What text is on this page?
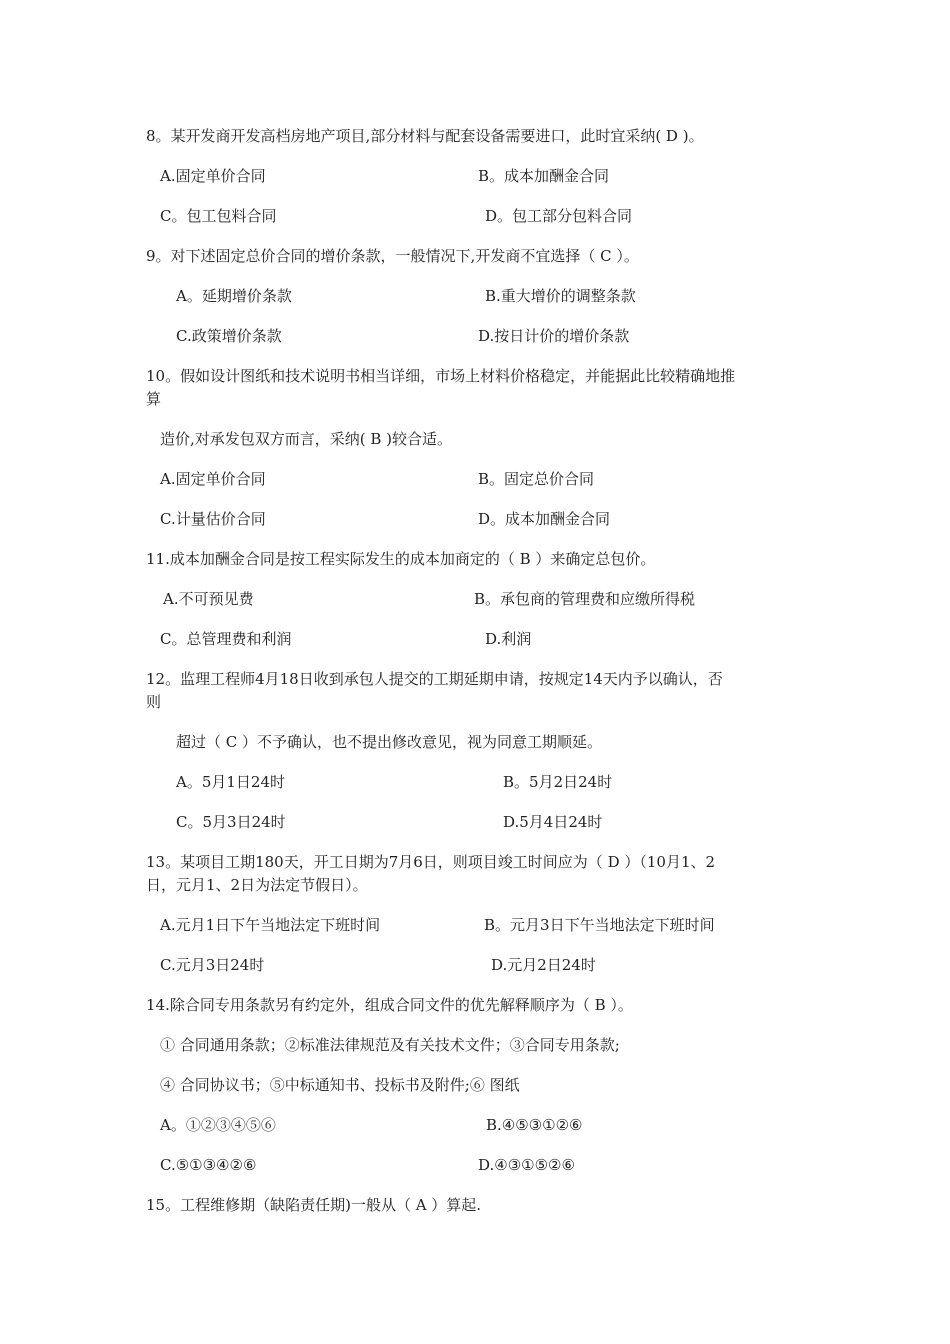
8。某开发商开发高档房地产项目,部分材料与配套设备需要进口，此时宜采纳( D )。
A.固定单价合同	B。成本加酬金合同
C。包工包料合同	D。包工部分包料合同
9。对下述固定总价合同的增价条款，一般情况下,开发商不宜选择（ C ）。
A。延期增价条款	B.重大增价的调整条款
C.政策增价条款	D.按日计价的增价条款
10。假如设计图纸和技术说明书相当详细，市场上材料价格稳定，并能据此比较精确地推
算
造价,对承发包双方而言，采纳( B )较合适。
A.固定单价合同	B。固定总价合同
C.计量估价合同	D。成本加酬金合同
11.成本加酬金合同是按工程实际发生的成本加商定的（ B ）来确定总包价。
A.不可预见费	B。承包商的管理费和应缴所得税
C。总管理费和利润	D.利润
12。监理工程师4月18日收到承包人提交的工期延期申请，按规定14天内予以确认，否
则
超过（ C ）不予确认，也不提出修改意见，视为同意工期顺延。
A。5月1日24时	B。5月2日24时
C。5月3日24时	D.5月4日24时
13。某项目工期180天，开工日期为7月6日，则项目竣工时间应为（ D ）（10月1、2
日，元月1、2日为法定节假日）。
A.元月1日下午当地法定下班时间	B。元月3日下午当地法定下班时间
C.元月3日24时	D.元月2日24时
14.除合同专用条款另有约定外，组成合同文件的优先解释顺序为（ B ）。
① 合同通用条款；②标准法律规范及有关技术文件；③合同专用条款;
④ 合同协议书；⑤中标通知书、投标书及附件;⑥ 图纸
A。①②③④⑤⑥	B.④⑤③①②⑥
C.⑤①③④②⑥	D.④③①⑤②⑥
15。工程维修期（缺陷责任期)一般从（ A ）算起.
